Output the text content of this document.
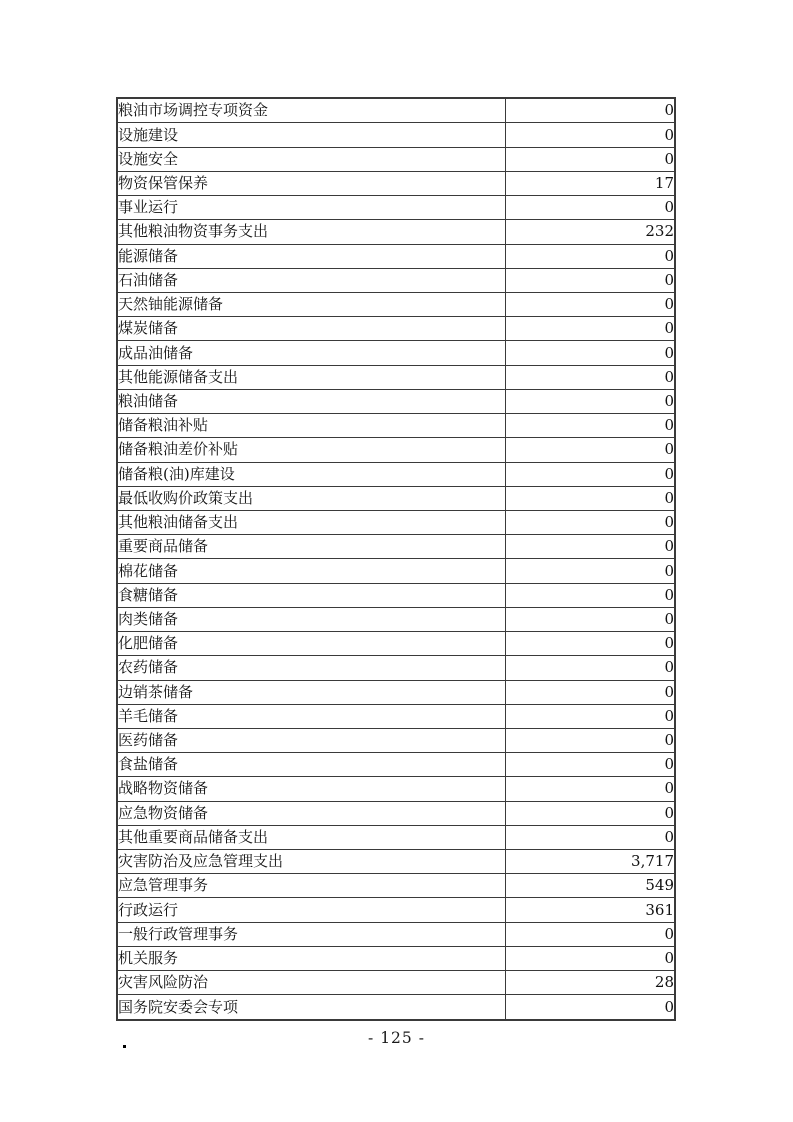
粮油市场调控专项资金	0
设施建设	0
设施安全	0
物资保管保养	17
事业运行	0
其他粮油物资事务支出	232
能源储备	0
石油储备	0
天然铀能源储备	0
煤炭储备	0
成品油储备	0
其他能源储备支出	0
粮油储备	0
储备粮油补贴	0
储备粮油差价补贴	0
储备粮(油)库建设	0
最低收购价政策支出	0
其他粮油储备支出	0
重要商品储备	0
棉花储备	0
食糖储备	0
肉类储备	0
化肥储备	0
农药储备	0
边销茶储备	0
羊毛储备	0
医药储备	0
食盐储备	0
战略物资储备	0
应急物资储备	0
其他重要商品储备支出	0
灾害防治及应急管理支出	3,717
应急管理事务	549
行政运行	361
一般行政管理事务	0
机关服务	0
灾害风险防治	28
国务院安委会专项	0
- 125 -
